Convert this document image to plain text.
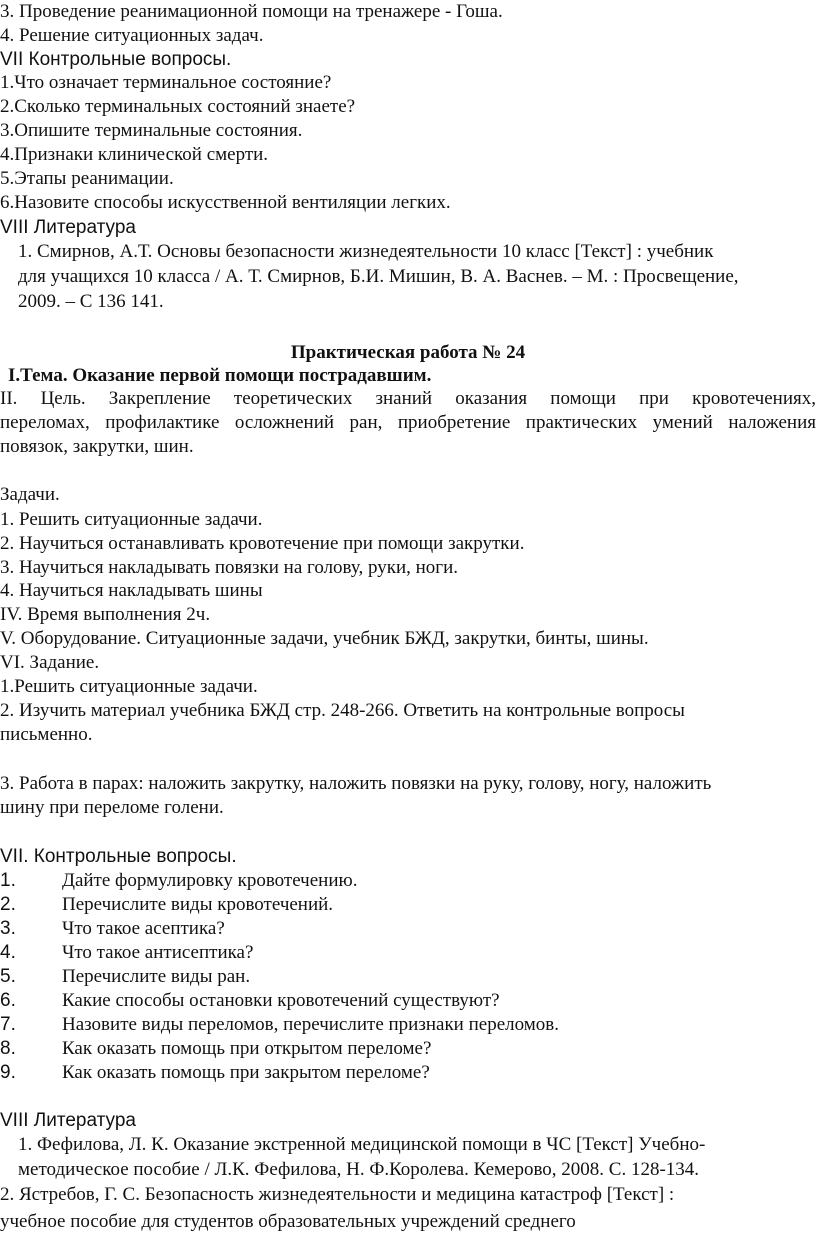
3. Проведение реанимационной помощи на тренажере - Гоша.
4. Решение ситуационных задач.
VII Контрольные вопросы.
1.Что означает терминальное состояние?
2.Сколько терминальных состояний знаете?
3.Опишите терминальные состояния.
4.Признаки клинической смерти.
5.Этапы реанимации.
6.Назовите способы искусственной вентиляции легких.
VIII Литература
1. Смирнов, А.Т. Основы безопасности жизнедеятельности 10 класс [Текст] : учебник
для учащихся 10 класса / А. Т. Смирнов, Б.И. Мишин, В. А. Васнев. – М. : Просвещение,
2009. – С 136 141.
Практическая работа № 24
I.Тема. Оказание первой помощи пострадавшим.
II. Цель. Закрепление теоретических знаний оказания помощи при кровотечениях,
переломах, профилактике осложнений ран, приобретение практических умений наложения
повязок, закрутки, шин.
Задачи.
1. Решить ситуационные задачи.
2. Научиться останавливать кровотечение при помощи закрутки.
3. Научиться накладывать повязки на голову, руки, ноги.
4. Научиться накладывать шины
IV. Время выполнения 2ч.
V. Оборудование. Ситуационные задачи, учебник БЖД, закрутки, бинты, шины.
VI. Задание.
1.Решить ситуационные задачи.
2. Изучить материал учебника БЖД стр. 248-266. Ответить на контрольные вопросы
письменно.
3. Работа в парах: наложить закрутку, наложить повязки на руку, голову, ногу, наложить
шину при переломе голени.
VII. Контрольные вопросы.
1. Дайте формулировку кровотечению.
2. Перечислите виды кровотечений.
3. Что такое асептика?
4. Что такое антисептика?
5. Перечислите виды ран.
6. Какие способы остановки кровотечений существуют?
7. Назовите виды переломов, перечислите признаки переломов.
8. Как оказать помощь при открытом переломе?
9. Как оказать помощь при закрытом переломе?
VIII Литература
1. Фефилова, Л. К. Оказание экстренной медицинской помощи в ЧС [Текст] Учебно-
методическое пособие / Л.К. Фефилова, Н. Ф.Королева. Кемерово, 2008. С. 128-134.
2. Ястребов, Г. С. Безопасность жизнедеятельности и медицина катастроф [Текст] :
учебное пособие для студентов образовательных учреждений среднего
